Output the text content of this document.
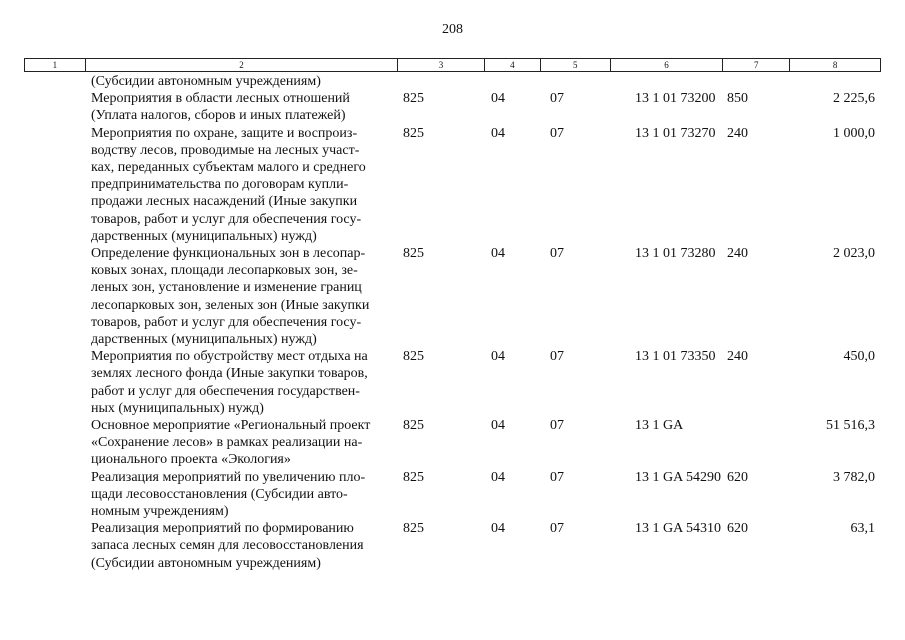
208
1	2	3	4	5	6	7	8
(Субсидии автономным учреждениям)
Мероприятия в области лесных отношений
(Уплата налогов, сборов и иных платежей)
825	04	07	13 1 01 73200 850	2 225,6
Мероприятия по охране, защите и воспроиз-
водству лесов, проводимые на лесных участ-
ках, переданных субъектам малого и среднего
предпринимательства по договорам купли-
продажи лесных насаждений (Иные закупки
товаров, работ и услуг для обеспечения госу-
дарственных (муниципальных) нужд)
825	04	07	13 1 01 73270 240	1 000,0
Определение функциональных зон в лесопар-
ковых зонах, площади лесопарковых зон, зе-
леных зон, установление и изменение границ
лесопарковых зон, зеленых зон (Иные закупки
товаров, работ и услуг для обеспечения госу-
дарственных (муниципальных) нужд)
825	04	07	13 1 01 73280 240	2 023,0
Мероприятия по обустройству мест отдыха на
землях лесного фонда (Иные закупки товаров,
работ и услуг для обеспечения государствен-
ных (муниципальных) нужд)
825	04	07	13 1 01 73350 240	450,0
Основное мероприятие «Региональный проект
«Сохранение лесов» в рамках реализации на-
ционального проекта «Экология»
825	04	07	13 1 GA	51 516,3
Реализация мероприятий по увеличению пло-
щади лесовосстановления (Субсидии авто-
номным учреждениям)
825	04	07	13 1 GA 54290 620	3 782,0
Реализация мероприятий по формированию
запаса лесных семян для лесовосстановления
(Субсидии автономным учреждениям)
825	04	07	13 1 GA 54310 620	63,1
